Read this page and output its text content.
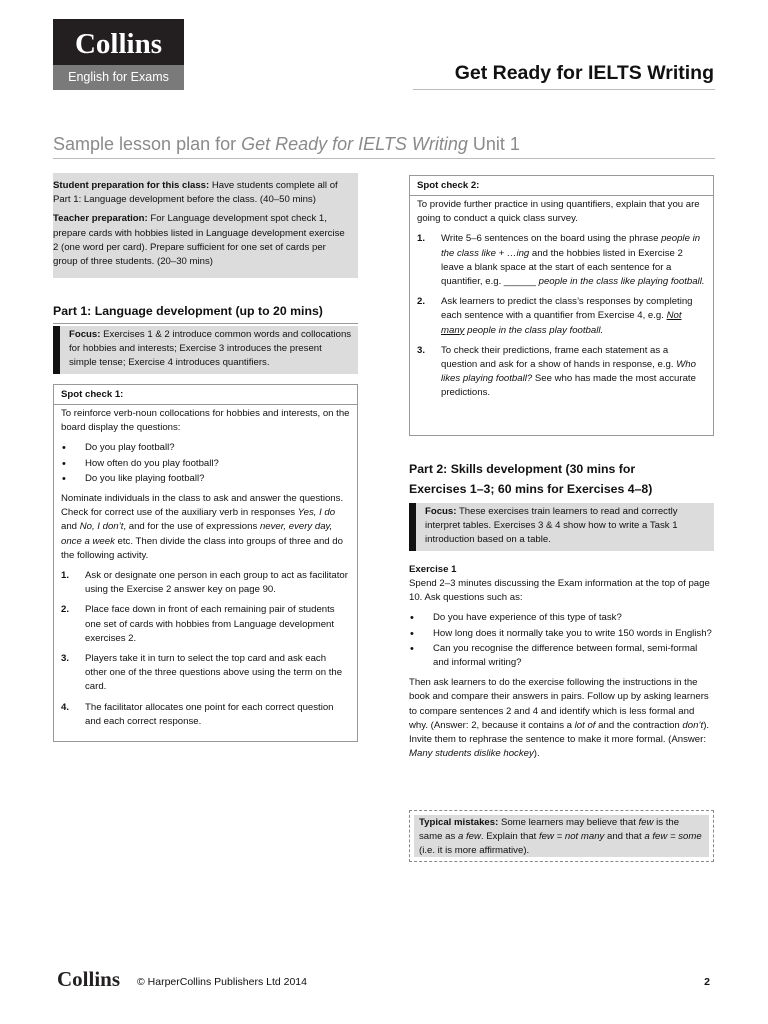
Collins
English for Exams	Get Ready for IELTS Writing
Sample lesson plan for Get Ready for IELTS Writing Unit 1

Student preparation for this class: Have students complete all of Part 1: Language development before the class. (40–50 mins)

Teacher preparation: For Language development spot check 1, prepare cards with hobbies listed in Language development exercise 2 (one word per card). Prepare sufficient for one set of cards per group of three students. (20–30 mins)

Part 1: Language development (up to 20 mins)
Focus: Exercises 1 & 2 introduce common words and collocations for hobbies and interests; Exercise 3 introduces the present simple tense; Exercise 4 introduces quantifiers.
Spot check 1:

To reinforce verb-noun collocations for hobbies and interests, on the board display the questions:

• Do you play football?
• How often do you play football?
• Do you like playing football?

Nominate individuals in the class to ask and answer the questions. Check for correct use of the auxiliary verb in responses Yes, I do and No, I don’t, and for the use of expressions never, every day, once a week etc. Then divide the class into groups of three and do the following activity.

1. Ask or designate one person in each group to act as facilitator using the Exercise 2 answer key on page 90.
2. Place face down in front of each remaining pair of students one set of cards with hobbies from Language development exercises 2.
3. Players take it in turn to select the top card and ask each other one of the three questions above using the term on the card.
4. The facilitator allocates one point for each correct question and each correct response.
Spot check 2:

To provide further practice in using quantifiers, explain that you are going to conduct a quick class survey.

1. Write 5–6 sentences on the board using the phrase people in the class like + …ing and the hobbies listed in Exercise 2 leave a blank space at the start of each sentence for a quantifier, e.g. ______ people in the class like playing football.
2. Ask learners to predict the class’s responses by completing each sentence with a quantifier from Exercise 4, e.g. Not many people in the class play football.
3. To check their predictions, frame each statement as a question and ask for a show of hands in response, e.g. Who likes playing football? See who has made the most accurate predictions.
Part 2: Skills development (30 mins for
Exercises 1–3; 60 mins for Exercises 4–8)
Focus: These exercises train learners to read and correctly interpret tables. Exercises 3 & 4 show how to write a Task 1 introduction based on a table.
Exercise 1

Spend 2–3 minutes discussing the Exam information at the top of page 10. Ask questions such as:

• Do you have experience of this type of task?
• How long does it normally take you to write 150 words in English?
• Can you recognise the difference between formal, semi-formal and informal writing?

Then ask learners to do the exercise following the instructions in the book and compare their answers in pairs. Follow up by asking learners to compare sentences 2 and 4 and identify which is less formal and why. (Answer: 2, because it contains a lot of and the contraction don’t). Invite them to rephrase the sentence to make it more formal. (Answer: Many students dislike hockey).

Typical mistakes: Some learners may believe that few is the same as a few. Explain that few = not many and that a few = some (i.e. it is more affirmative).
Collins © HarperCollins Publishers Ltd 2014	2
